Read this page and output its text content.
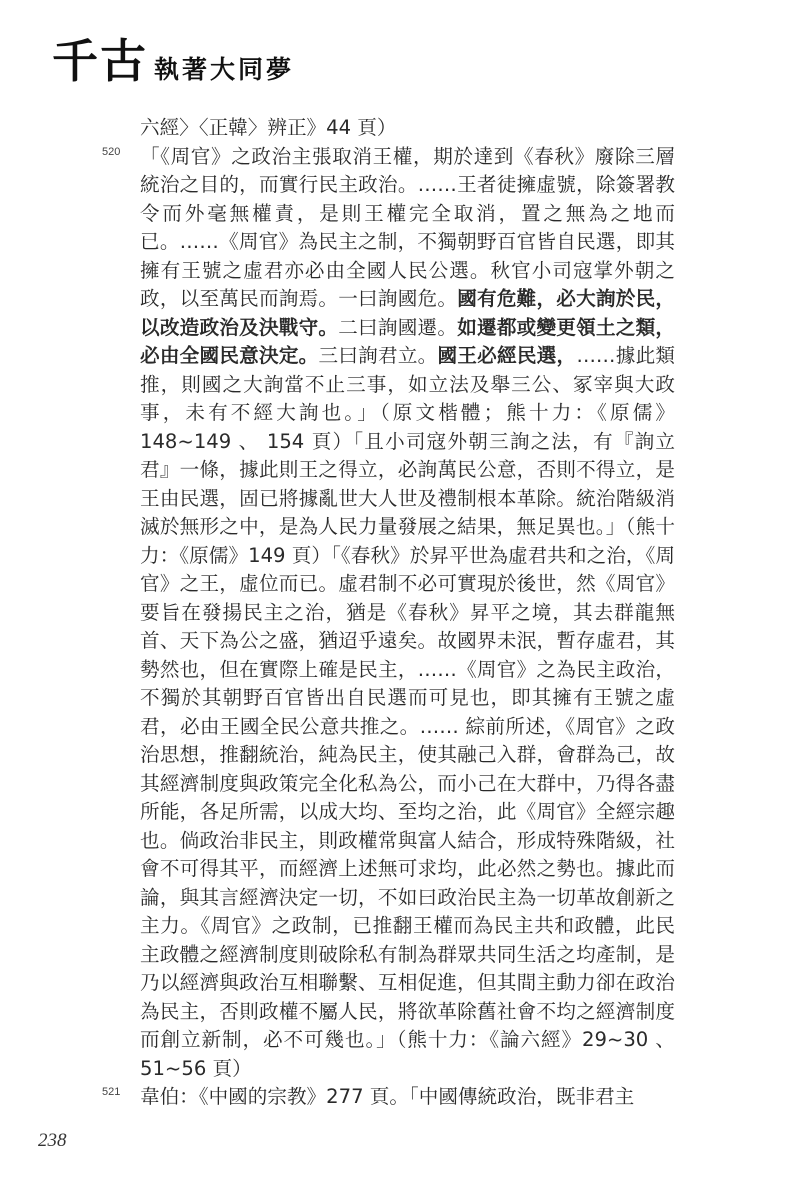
千古 執著大同夢

六經〉〈正韓〉辨正》44 頁）

520 「《周官》之政治主張取消王權，期於達到《春秋》廢除三層統治之目的，而實行民主政治。……王者徒擁虛號，除簽署教令而外毫無權責，是則王權完全取消，置之無為之地而已。……《周官》為民主之制，不獨朝野百官皆自民選，即其擁有王號之虛君亦必由全國人民公選。秋官小司寇掌外朝之政，以至萬民而詢焉。一曰詢國危。國有危難，必大詢於民，以改造政治及決戰守。二曰詢國遷。如遷都或變更領土之類，必由全國民意決定。三曰詢君立。國王必經民選，……據此類推，則國之大詢當不止三事，如立法及舉三公、冢宰與大政事，未有不經大詢也。」（原文楷體；熊十力：《原儒》148~149 、 154 頁）「且小司寇外朝三詢之法，有『詢立君』一條，據此則王之得立，必詢萬民公意，否則不得立，是王由民選，固已將據亂世大人世及禮制根本革除。統治階級消滅於無形之中，是為人民力量發展之結果，無足異也。」（熊十力：《原儒》149 頁）「《春秋》於昇平世為虛君共和之治，《周官》之王，虛位而已。虛君制不必可實現於後世，然《周官》要旨在發揚民主之治，猶是《春秋》昇平之境，其去群龍無首、天下為公之盛，猶迢乎遠矣。故國界未泯，暫存虛君，其勢然也，但在實際上確是民主，……《周官》之為民主政治，不獨於其朝野百官皆出自民選而可見也，即其擁有王號之虛君，必由王國全民公意共推之。…… 綜前所述，《周官》之政治思想，推翻統治，純為民主，使其融己入群，會群為己，故其經濟制度與政策完全化私為公，而小己在大群中，乃得各盡所能，各足所需，以成大均、至均之治，此《周官》全經宗趣也。倘政治非民主，則政權常與富人結合，形成特殊階級，社會不可得其平，而經濟上述無可求均，此必然之勢也。據此而論，與其言經濟決定一切，不如曰政治民主為一切革故創新之主力。《周官》之政制，已推翻王權而為民主共和政體，此民主政體之經濟制度則破除私有制為群眾共同生活之均產制，是乃以經濟與政治互相聯繫、互相促進，但其間主動力卻在政治為民主，否則政權不屬人民，將欲革除舊社會不均之經濟制度而創立新制，必不可幾也。」（熊十力：《論六經》29~30 、 51~56 頁）

521 韋伯：《中國的宗教》277 頁。「中國傳統政治，既非君主

238
